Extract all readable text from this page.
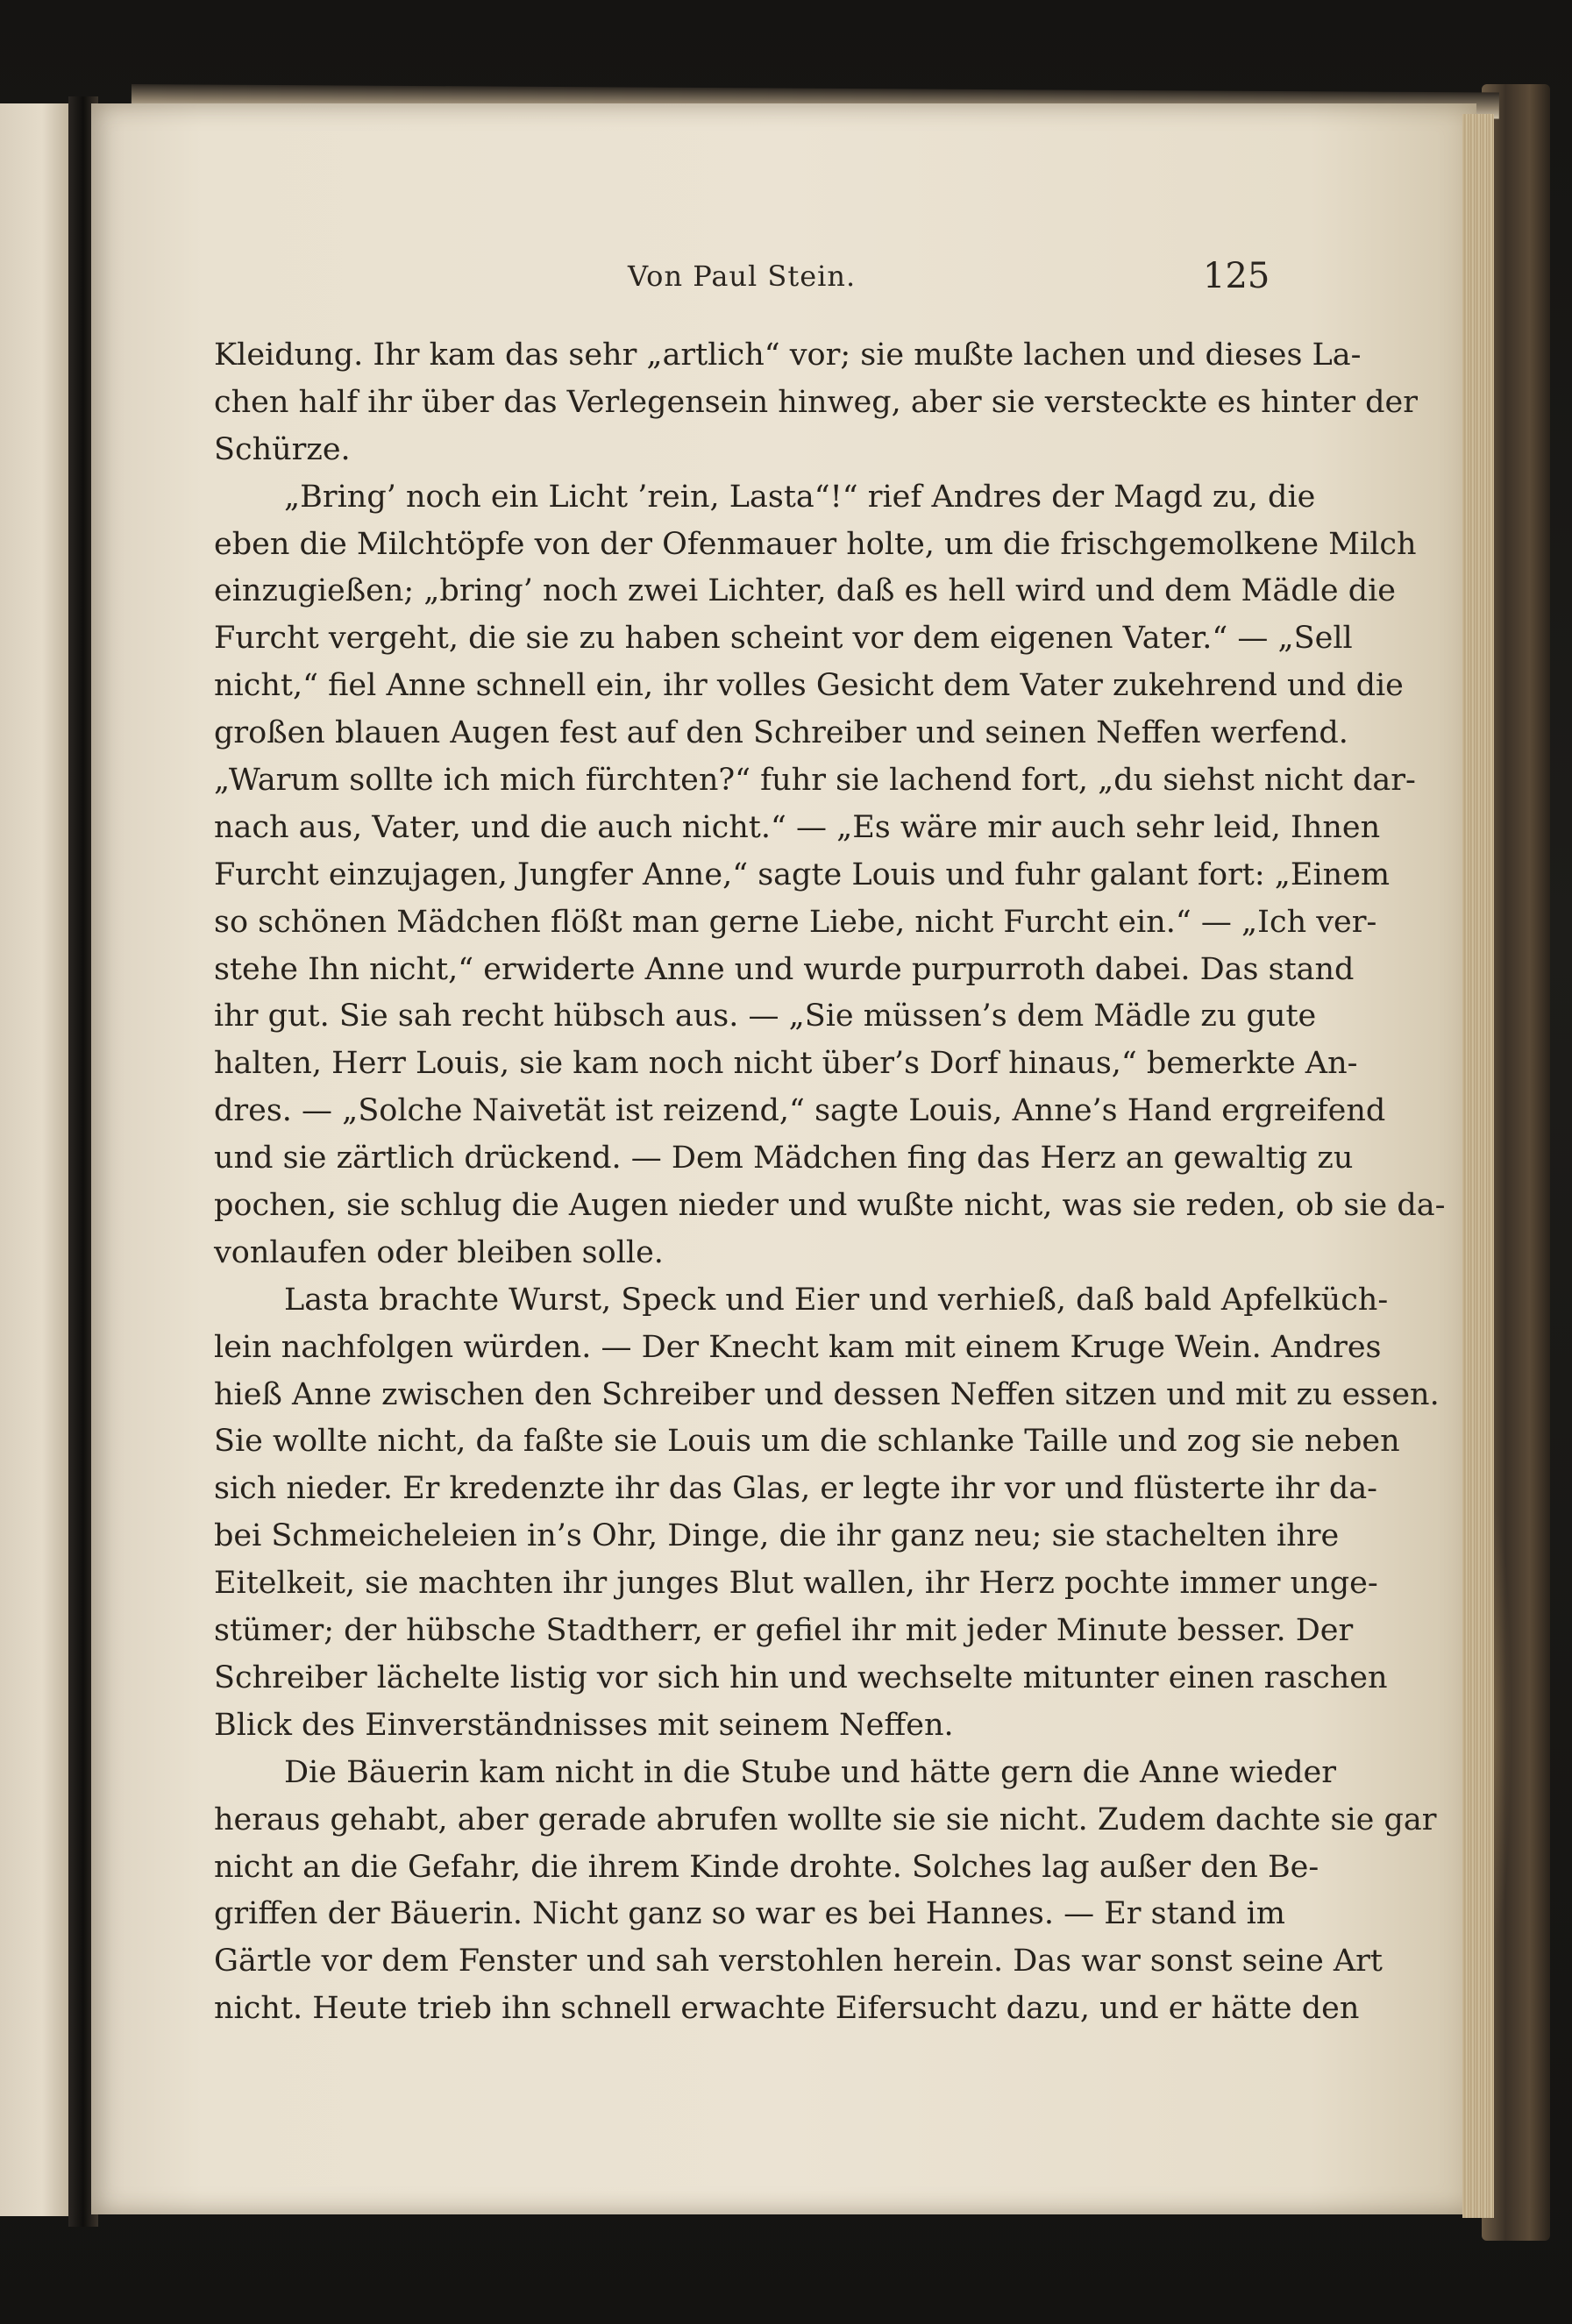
Von Paul Stein.	125
Kleidung. Ihr kam das sehr „artlich“ vor; sie mußte lachen und dieses La-
chen half ihr über das Verlegensein hinweg, aber sie versteckte es hinter der
Schürze.
„Bring’ noch ein Licht ’rein, Lasta“!“ rief Andres der Magd zu, die
eben die Milchtöpfe von der Ofenmauer holte, um die frischgemolkene Milch
einzugießen; „bring’ noch zwei Lichter, daß es hell wird und dem Mädle die
Furcht vergeht, die sie zu haben scheint vor dem eigenen Vater.“ — „Sell
nicht,“ fiel Anne schnell ein, ihr volles Gesicht dem Vater zukehrend und die
großen blauen Augen fest auf den Schreiber und seinen Neffen werfend.
„Warum sollte ich mich fürchten?“ fuhr sie lachend fort, „du siehst nicht dar-
nach aus, Vater, und die auch nicht.“ — „Es wäre mir auch sehr leid, Ihnen
Furcht einzujagen, Jungfer Anne,“ sagte Louis und fuhr galant fort: „Einem
so schönen Mädchen flößt man gerne Liebe, nicht Furcht ein.“ — „Ich ver-
stehe Ihn nicht,“ erwiderte Anne und wurde purpurroth dabei. Das stand
ihr gut. Sie sah recht hübsch aus. — „Sie müssen’s dem Mädle zu gute
halten, Herr Louis, sie kam noch nicht über’s Dorf hinaus,“ bemerkte An-
dres. — „Solche Naivetät ist reizend,“ sagte Louis, Anne’s Hand ergreifend
und sie zärtlich drückend. — Dem Mädchen fing das Herz an gewaltig zu
pochen, sie schlug die Augen nieder und wußte nicht, was sie reden, ob sie da-
vonlaufen oder bleiben solle.
Lasta brachte Wurst, Speck und Eier und verhieß, daß bald Apfelküch-
lein nachfolgen würden. — Der Knecht kam mit einem Kruge Wein. Andres
hieß Anne zwischen den Schreiber und dessen Neffen sitzen und mit zu essen.
Sie wollte nicht, da faßte sie Louis um die schlanke Taille und zog sie neben
sich nieder. Er kredenzte ihr das Glas, er legte ihr vor und flüsterte ihr da-
bei Schmeicheleien in’s Ohr, Dinge, die ihr ganz neu; sie stachelten ihre
Eitelkeit, sie machten ihr junges Blut wallen, ihr Herz pochte immer unge-
stümer; der hübsche Stadtherr, er gefiel ihr mit jeder Minute besser. Der
Schreiber lächelte listig vor sich hin und wechselte mitunter einen raschen
Blick des Einverständnisses mit seinem Neffen.
Die Bäuerin kam nicht in die Stube und hätte gern die Anne wieder
heraus gehabt, aber gerade abrufen wollte sie sie nicht. Zudem dachte sie gar
nicht an die Gefahr, die ihrem Kinde drohte. Solches lag außer den Be-
griffen der Bäuerin. Nicht ganz so war es bei Hannes. — Er stand im
Gärtle vor dem Fenster und sah verstohlen herein. Das war sonst seine Art
nicht. Heute trieb ihn schnell erwachte Eifersucht dazu, und er hätte den
